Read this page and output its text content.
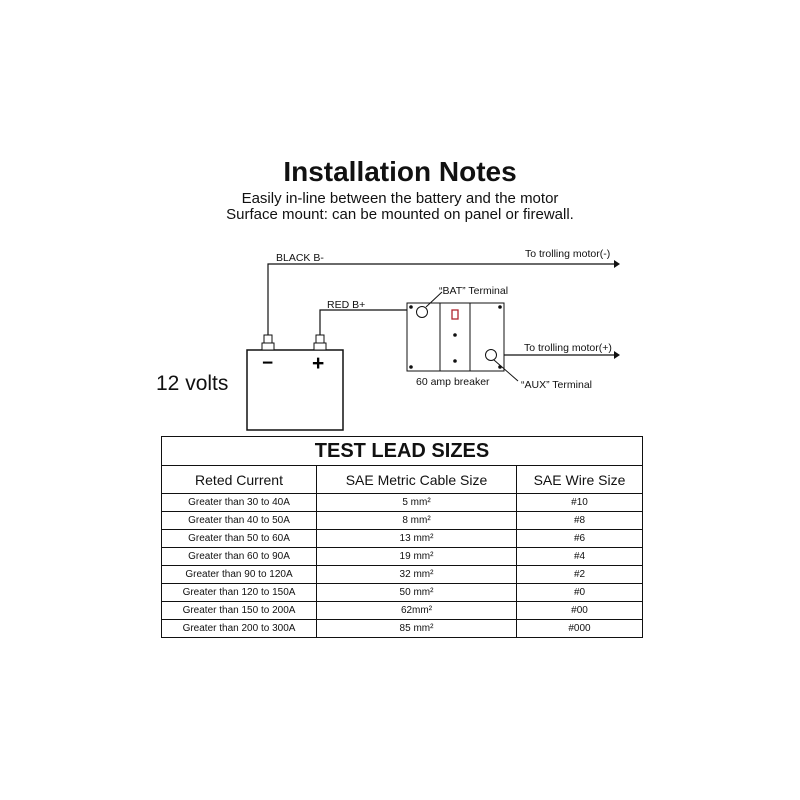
Installation Notes
Easily in-line between the battery and the motor
Surface mount: can be mounted on panel or firewall.
− +
BLACK B-
RED B+
To trolling motor(-)
To trolling motor(+)
“BAT” Terminal
“AUX” Terminal
60 amp breaker
12 volts
TEST LEAD SIZES		
Reted Current	SAE Metric Cable Size	SAE Wire Size
Greater than 30 to 40A	5 mm²	#10
Greater than 40 to 50A	8 mm²	#8
Greater than 50 to 60A	13 mm²	#6
Greater than 60 to 90A	19 mm²	#4
Greater than 90 to 120A	32 mm²	#2
Greater than 120 to 150A	50 mm²	#0
Greater than 150 to 200A	62mm²	#00
Greater than 200 to 300A	85 mm²	#000
